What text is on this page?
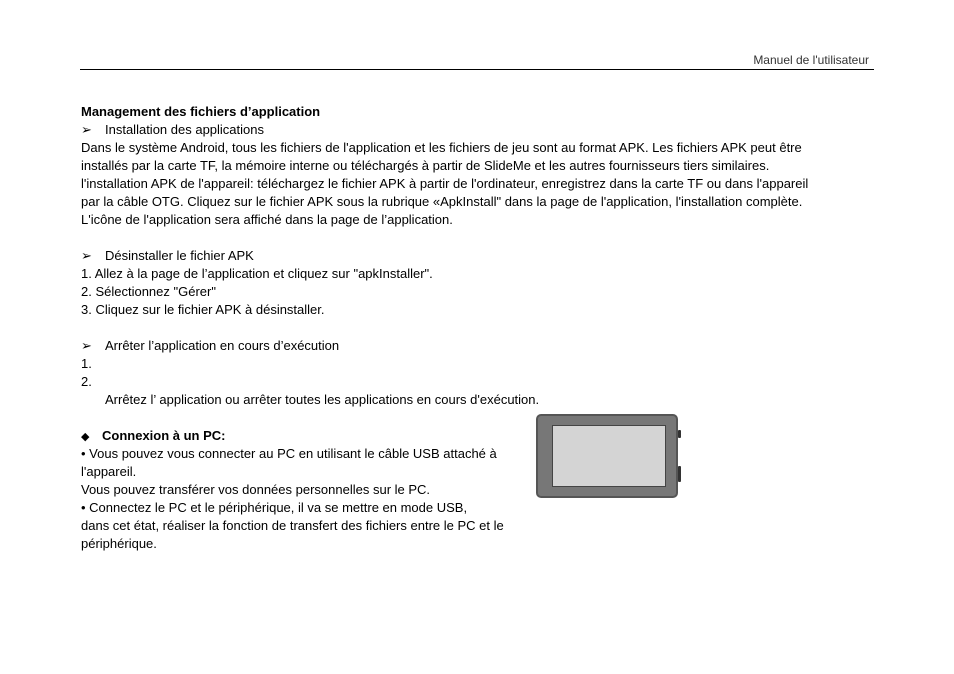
Manuel de l'utilisateur
Management des fichiers d’application
➢ Installation des applications
Dans le système Android, tous les fichiers de l'application et les fichiers de jeu sont au format APK. Les fichiers APK peut être
installés par la carte TF, la mémoire interne ou téléchargés à partir de SlideMe et les autres fournisseurs tiers similaires.
l'installation APK de l'appareil: téléchargez le fichier APK à partir de l'ordinateur, enregistrez dans la carte TF ou dans l'appareil
par la câble OTG. Cliquez sur le fichier APK sous la rubrique «ApkInstall" dans la page de l'application, l'installation complète.
L'icône de l'application sera affiché dans la page de l’application.
➢ Désinstaller le fichier APK
1. Allez à la page de l’application et cliquez sur "apkInstaller".
2. Sélectionnez "Gérer"
3. Cliquez sur le fichier APK à désinstaller.
➢ Arrêter l’application en cours d’exécution
1.
2.
Arrêtez l’ application ou arrêter toutes les applications en cours d'exécution.
◆ Connexion à un PC:
• Vous pouvez vous connecter au PC en utilisant le câble USB attaché à
l'appareil.
Vous pouvez transférer vos données personnelles sur le PC.
• Connectez le PC et le périphérique, il va se mettre en mode USB,
dans cet état, réaliser la fonction de transfert des fichiers entre le PC et le
périphérique.
